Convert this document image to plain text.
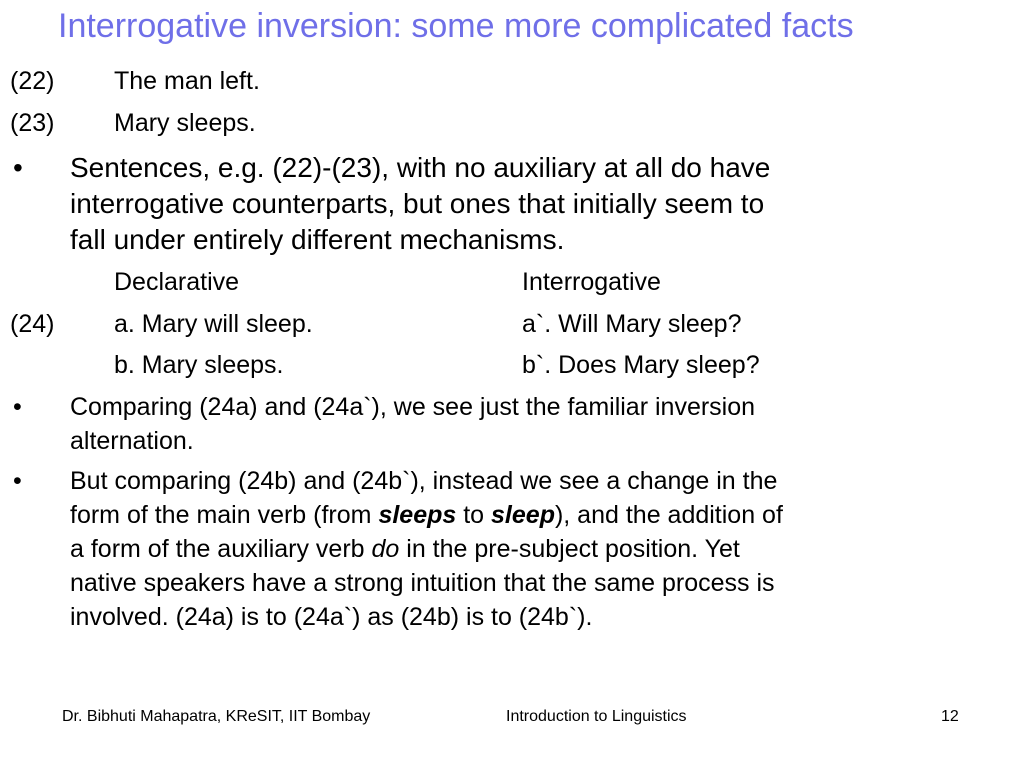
Interrogative inversion: some more complicated facts
(22) The man left.
(23) Mary sleeps.
• Sentences, e.g. (22)-(23), with no auxiliary at all do have
interrogative counterparts, but ones that initially seem to
fall under entirely different mechanisms.
Declarative	Interrogative
(24) a. Mary will sleep.	a`. Will Mary sleep?
b. Mary sleeps.	b`. Does Mary sleep?
• Comparing (24a) and (24a`), we see just the familiar inversion
alternation.
• But comparing (24b) and (24b`), instead we see a change in the
form of the main verb (from sleeps to sleep), and the addition of
a form of the auxiliary verb do in the pre-subject position. Yet
native speakers have a strong intuition that the same process is
involved. (24a) is to (24a`) as (24b) is to (24b`).
Dr. Bibhuti Mahapatra, KReSIT, IIT Bombay	Introduction to Linguistics	12
